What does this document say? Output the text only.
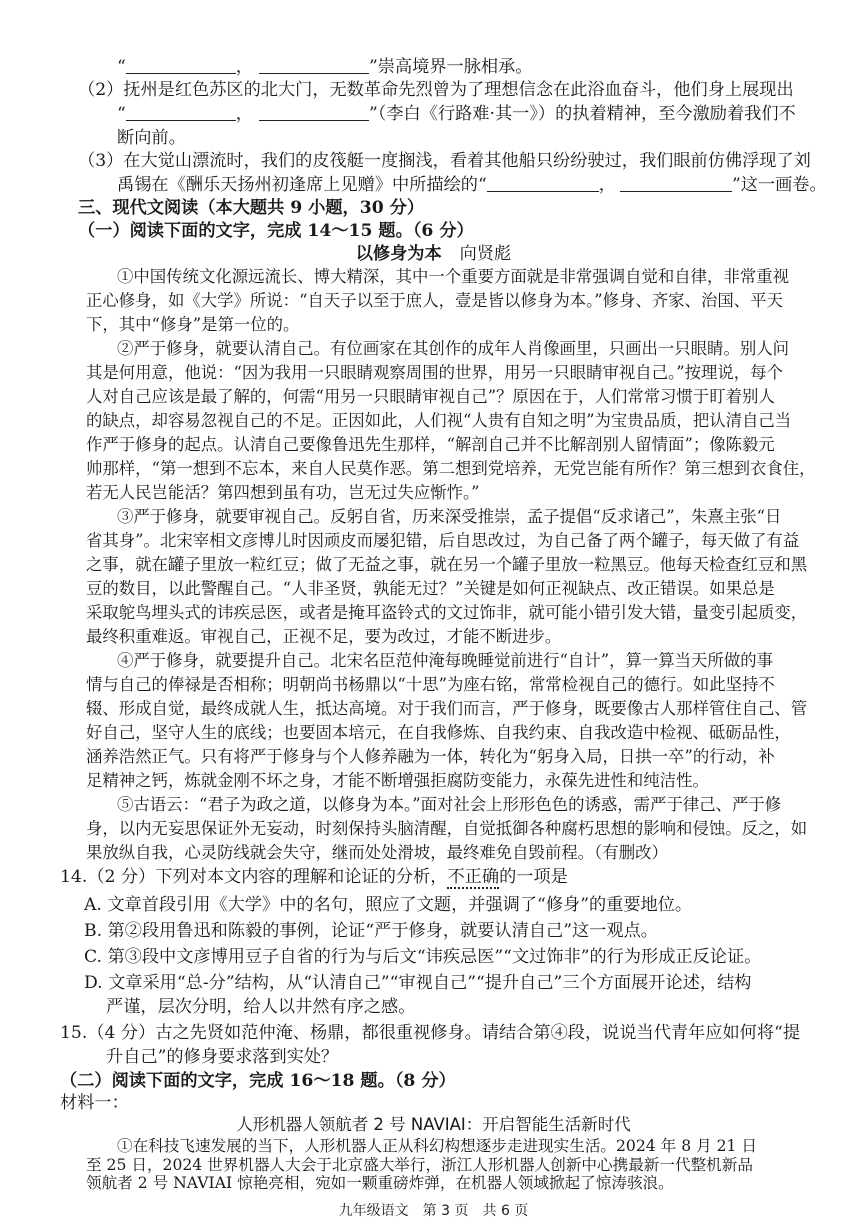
“	，	”崇高境界一脉相承。
（2）抚州是红色苏区的北大门，无数革命先烈曾为了理想信念在此浴血奋斗，他们身上展现出
“	，	”（李白《行路难·其一》）的执着精神，至今激励着我们不
断向前。
（3）在大觉山漂流时，我们的皮筏艇一度搁浅，看着其他船只纷纷驶过，我们眼前仿佛浮现了刘
禹锡在《酬乐天扬州初逢席上见赠》中所描绘的“	，	”这一画卷。
三、现代文阅读（本大题共 9 小题，30 分）
（一）阅读下面的文字，完成 14～15 题。（6 分）
以修身为本 向贤彪
①中国传统文化源远流长、博大精深，其中一个重要方面就是非常强调自觉和自律，非常重视
正心修身，如《大学》所说：“自天子以至于庶人，壹是皆以修身为本。”修身、齐家、治国、平天
下，其中“修身”是第一位的。
②严于修身，就要认清自己。有位画家在其创作的成年人肖像画里，只画出一只眼睛。别人问
其是何用意，他说：“因为我用一只眼睛观察周围的世界，用另一只眼睛审视自己。”按理说，每个
人对自己应该是最了解的，何需“用另一只眼睛审视自己”？原因在于，人们常常习惯于盯着别人
的缺点，却容易忽视自己的不足。正因如此，人们视“人贵有自知之明”为宝贵品质，把认清自己当
作严于修身的起点。认清自己要像鲁迅先生那样，“解剖自己并不比解剖别人留情面”；像陈毅元
帅那样，“第一想到不忘本，来自人民莫作恶。第二想到党培养，无党岂能有所作？第三想到衣食住，
若无人民岂能活？第四想到虽有功，岂无过失应惭怍。”
③严于修身，就要审视自己。反躬自省，历来深受推崇，孟子提倡“反求诸己”，朱熹主张“日
省其身”。北宋宰相文彦博儿时因顽皮而屡犯错，后自思改过，为自己备了两个罐子，每天做了有益
之事，就在罐子里放一粒红豆；做了无益之事，就在另一个罐子里放一粒黑豆。他每天检查红豆和黑
豆的数目，以此警醒自己。“人非圣贤，孰能无过？”关键是如何正视缺点、改正错误。如果总是
采取鸵鸟埋头式的讳疾忌医，或者是掩耳盗铃式的文过饰非，就可能小错引发大错，量变引起质变，
最终积重难返。审视自己，正视不足，要为改过，才能不断进步。
④严于修身，就要提升自己。北宋名臣范仲淹每晚睡觉前进行“自计”，算一算当天所做的事
情与自己的俸禄是否相称；明朝尚书杨鼎以“十思”为座右铭，常常检视自己的德行。如此坚持不
辍、形成自觉，最终成就人生，抵达高境。对于我们而言，严于修身，既要像古人那样管住自己、管
好自己，坚守人生的底线；也要固本培元，在自我修炼、自我约束、自我改造中检视、砥砺品性，
涵养浩然正气。只有将严于修身与个人修养融为一体，转化为“躬身入局，日拱一卒”的行动，补
足精神之钙，炼就金刚不坏之身，才能不断增强拒腐防变能力，永葆先进性和纯洁性。
⑤古语云：“君子为政之道，以修身为本。”面对社会上形形色色的诱惑，需严于律己、严于修
身，以内无妄思保证外无妄动，时刻保持头脑清醒，自觉抵御各种腐朽思想的影响和侵蚀。反之，如
果放纵自我，心灵防线就会失守，继而处处滑坡，最终难免自毁前程。（有删改）
14.（2 分）下列对本文内容的理解和论证的分析，不正确的一项是
A. 文章首段引用《大学》中的名句，照应了文题，并强调了“修身”的重要地位。
B. 第②段用鲁迅和陈毅的事例，论证“严于修身，就要认清自己”这一观点。
C. 第③段中文彦博用豆子自省的行为与后文“讳疾忌医”“文过饰非”的行为形成正反论证。
D. 文章采用“总-分”结构，从“认清自己”“审视自己”“提升自己”三个方面展开论述，结构
严谨，层次分明，给人以井然有序之感。
15.（4 分）古之先贤如范仲淹、杨鼎，都很重视修身。请结合第④段，说说当代青年应如何将“提
升自己”的修身要求落到实处？
（二）阅读下面的文字，完成 16～18 题。（8 分）
材料一：
人形机器人领航者 2 号 NAVIAI：开启智能生活新时代
九年级语文　第 3 页　共 6 页
①在科技飞速发展的当下，人形机器人正从科幻构想逐步走进现实生活。2024 年 8 月 21 日
至 25 日，2024 世界机器人大会于北京盛大举行，浙江人形机器人创新中心携最新一代整机新品
领航者 2 号 NAVIAI 惊艳亮相，宛如一颗重磅炸弹，在机器人领域掀起了惊涛骇浪。
